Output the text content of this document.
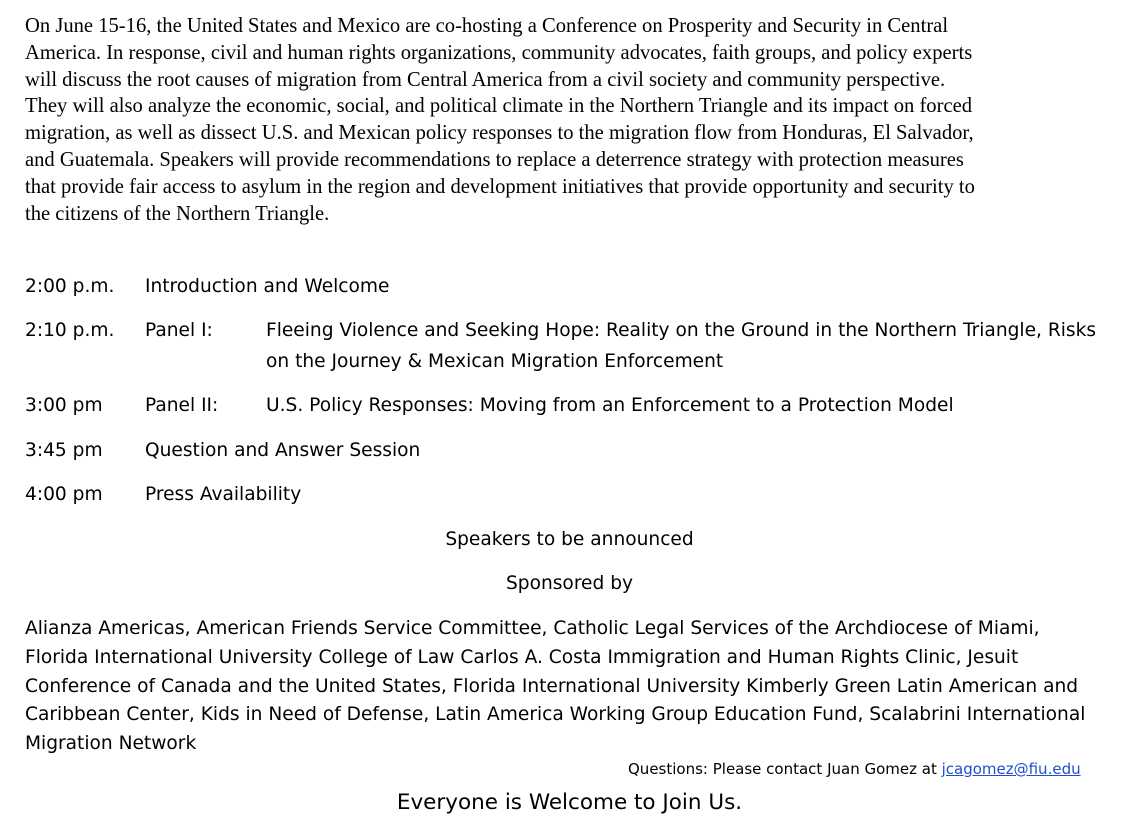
On June 15-16, the United States and Mexico are co-hosting a Conference on Prosperity and Security in Central
America. In response, civil and human rights organizations, community advocates, faith groups, and policy experts
will discuss the root causes of migration from Central America from a civil society and community perspective.
They will also analyze the economic, social, and political climate in the Northern Triangle and its impact on forced
migration, as well as dissect U.S. and Mexican policy responses to the migration flow from Honduras, El Salvador,
and Guatemala. Speakers will provide recommendations to replace a deterrence strategy with protection measures
that provide fair access to asylum in the region and development initiatives that provide opportunity and security to
the citizens of the Northern Triangle.
2:00 p.m. Introduction and Welcome
2:10 p.m. Panel I:	Fleeing Violence and Seeking Hope: Reality on the Ground in the Northern Triangle, Risks
on the Journey & Mexican Migration Enforcement
3:00 pm Panel II:	U.S. Policy Responses: Moving from an Enforcement to a Protection Model
3:45 pm Question and Answer Session
4:00 pm Press Availability
Speakers to be announced
Sponsored by
Alianza Americas, American Friends Service Committee, Catholic Legal Services of the Archdiocese of Miami,
Florida International University College of Law Carlos A. Costa Immigration and Human Rights Clinic, Jesuit
Conference of Canada and the United States, Florida International University Kimberly Green Latin American and
Caribbean Center, Kids in Need of Defense, Latin America Working Group Education Fund, Scalabrini International
Migration Network
Questions: Please contact Juan Gomez at jcagomez@fiu.edu
Everyone is Welcome to Join Us.
